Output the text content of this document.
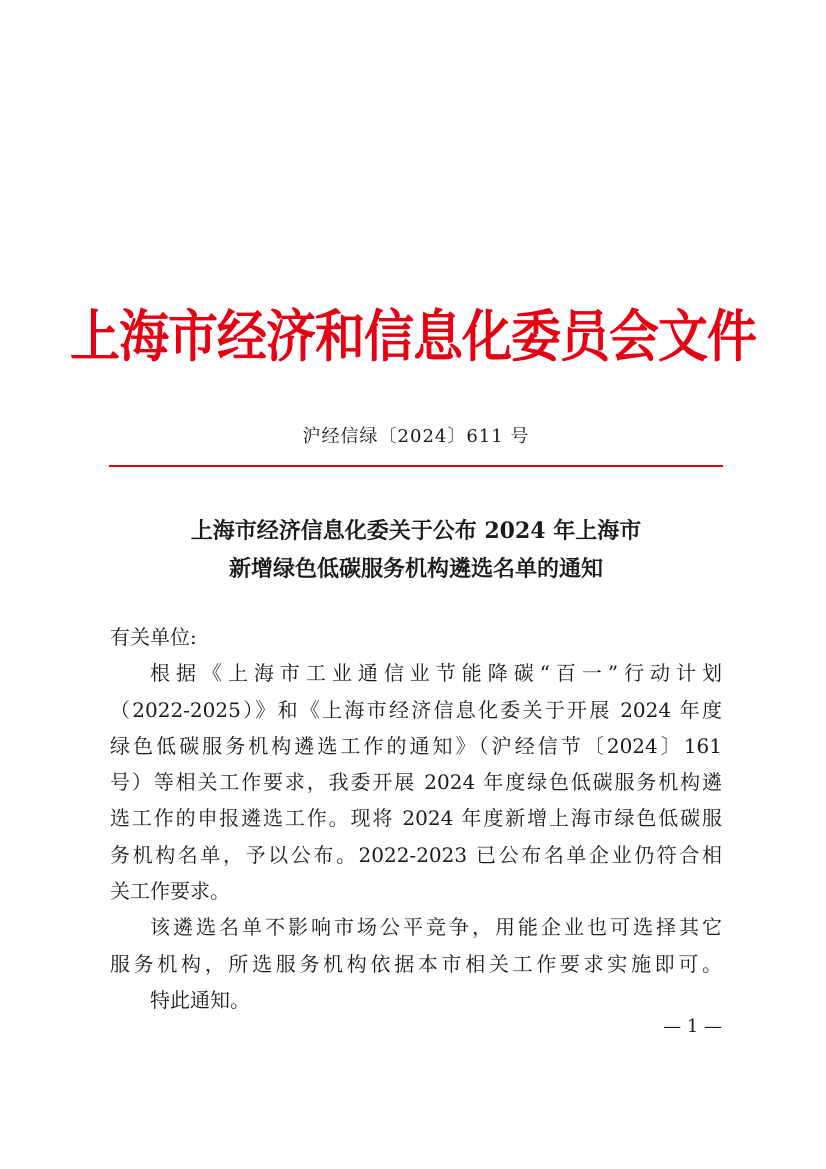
上海市经济和信息化委员会文件
沪经信绿〔2024〕611 号
上海市经济信息化委关于公布 2024 年上海市
新增绿色低碳服务机构遴选名单的通知
有关单位:
根据《上海市工业通信业节能降碳“百一”行动计划
（2022-2025）》和《上海市经济信息化委关于开展 2024 年度
绿色低碳服务机构遴选工作的通知》（沪经信节〔2024〕161
号）等相关工作要求，我委开展 2024 年度绿色低碳服务机构遴
选工作的申报遴选工作。现将 2024 年度新增上海市绿色低碳服
务机构名单，予以公布。2022-2023 已公布名单企业仍符合相
关工作要求。
该遴选名单不影响市场公平竞争，用能企业也可选择其它
服务机构，所选服务机构依据本市相关工作要求实施即可。
特此通知。
— 1 —
